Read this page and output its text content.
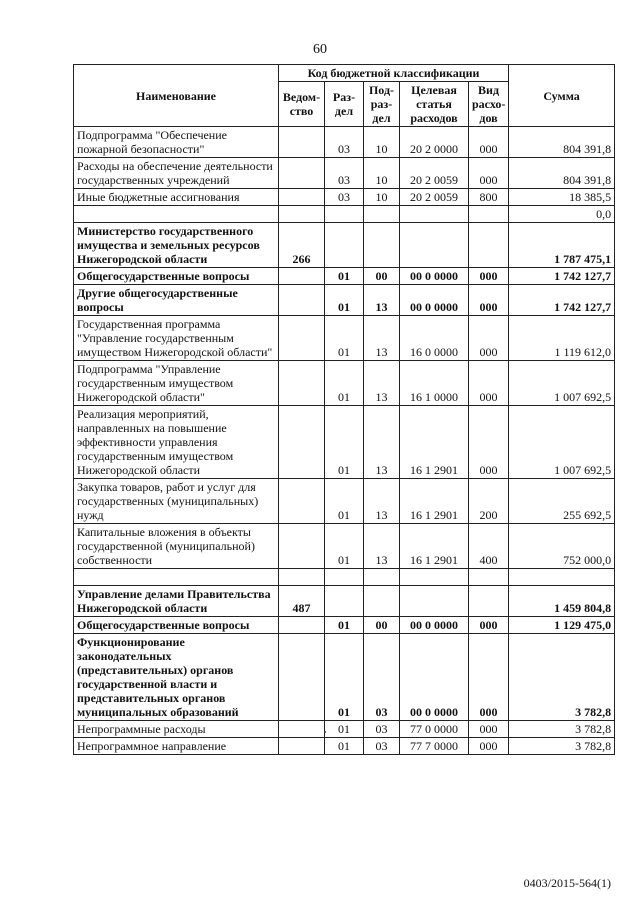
60
Наименование	Код бюджетной классификации					Сумма
	Ведом-ство	Раз-дел	Под-раз-дел	Целевая статья расходов	Вид расхо-дов	
Подпрограмма "Обеспечение пожарной безопасности"		03	10	20 2 0000	000	804 391,8
Расходы на обеспечение деятельности государственных учреждений		03	10	20 2 0059	000	804 391,8
Иные бюджетные ассигнования		03	10	20 2 0059	800	18 385,5
						0,0
Министерство государственного имущества и земельных ресурсов Нижегородской области	266					1 787 475,1
Общегосударственные вопросы		01	00	00 0 0000	000	1 742 127,7
Другие общегосударственные вопросы		01	13	00 0 0000	000	1 742 127,7
Государственная программа "Управление государственным имуществом Нижегородской области"		01	13	16 0 0000	000	1 119 612,0
Подпрограмма "Управление государственным имуществом Нижегородской области"		01	13	16 1 0000	000	1 007 692,5
Реализация мероприятий, направленных на повышение эффективности управления государственным имуществом Нижегородской области		01	13	16 1 2901	000	1 007 692,5
Закупка товаров, работ и услуг для государственных (муниципальных) нужд		01	13	16 1 2901	200	255 692,5
Капитальные вложения в объекты государственной (муниципальной) собственности		01	13	16 1 2901	400	752 000,0

Управление делами Правительства Нижегородской области	487					1 459 804,8
Общегосударственные вопросы		01	00	00 0 0000	000	1 129 475,0
Функционирование законодательных (представительных) органов государственной власти и представительных органов муниципальных образований		01	03	00 0 0000	000	3 782,8
Непрограммные расходы		01	03	77 0 0000	000	3 782,8
Непрограммное направление		01	03	77 7 0000	000	3 782,8
0403/2015-564(1)
